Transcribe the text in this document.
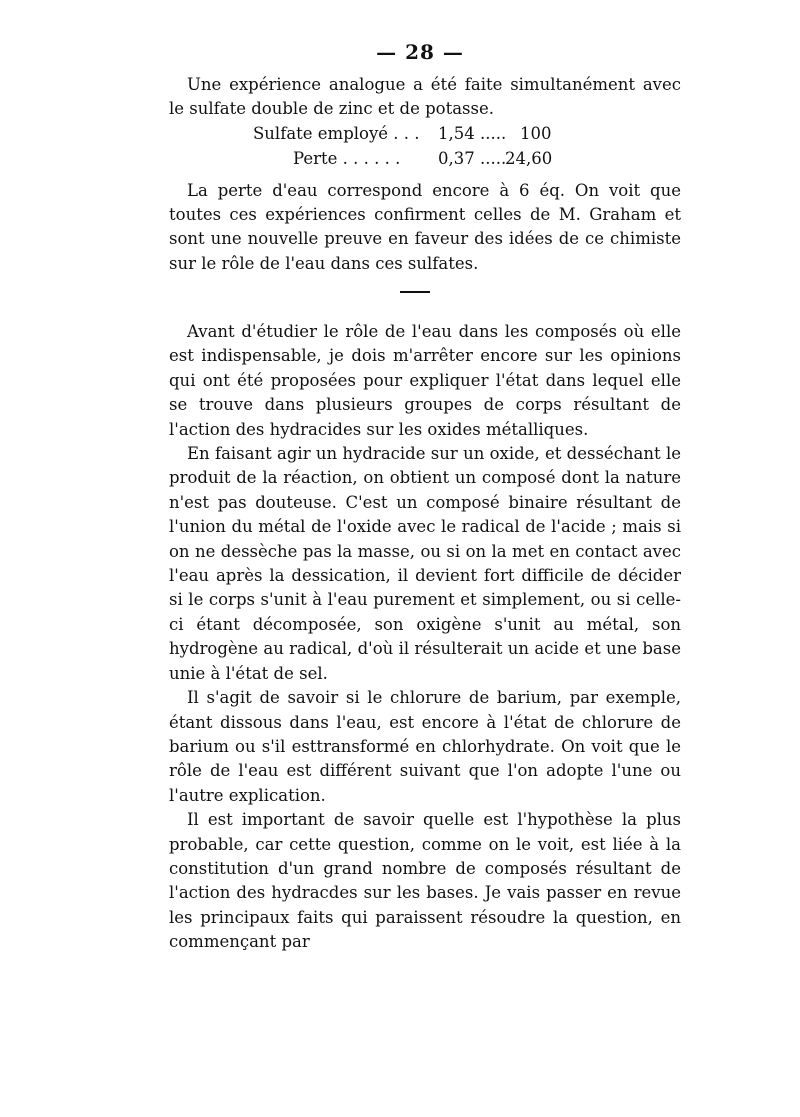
— 28 —

Une expérience analogue a été faite simultanément avec le sulfate double de zinc et de potasse.

Sulfate employé . . . 1,54 ..... 100
Perte . . . . . . 0,37 .....
24,60

La perte d'eau correspond encore à 6 éq. On voit que toutes ces expériences confirment celles de M. Graham et sont une nouvelle preuve en faveur des idées de ce chimiste sur le rôle de l'eau dans ces sulfates.

Avant d'étudier le rôle de l'eau dans les composés où elle est indispensable, je dois m'arrêter encore sur les opinions qui ont été proposées pour expliquer l'état dans lequel elle se trouve dans plusieurs groupes de corps résultant de l'action des hydracides sur les oxides métalliques.

En faisant agir un hydracide sur un oxide, et desséchant le produit de la réaction, on obtient un composé dont la nature n'est pas douteuse. C'est un composé binaire résultant de l'union du métal de l'oxide avec le radical de l'acide ; mais si on ne dessèche pas la masse, ou si on la met en contact avec l'eau après la dessication, il devient fort difficile de décider si le corps s'unit à l'eau purement et simplement, ou si celle-ci étant décomposée, son oxigène s'unit au métal, son hydrogène au radical, d'où il résulterait un acide et une base unie à l'état de sel.

Il s'agit de savoir si le chlorure de barium, par exemple, étant dissous dans l'eau, est encore à l'état de chlorure de barium ou s'il esttransformé en chlorhydrate. On voit que le rôle de l'eau est différent suivant que l'on adopte l'une ou l'autre explication.

Il est important de savoir quelle est l'hypothèse la plus probable, car cette question, comme on le voit, est liée à la constitution d'un grand nombre de composés résultant de l'action des hydracdes sur les bases. Je vais passer en revue les principaux faits qui paraissent résoudre la question, en commençant par
